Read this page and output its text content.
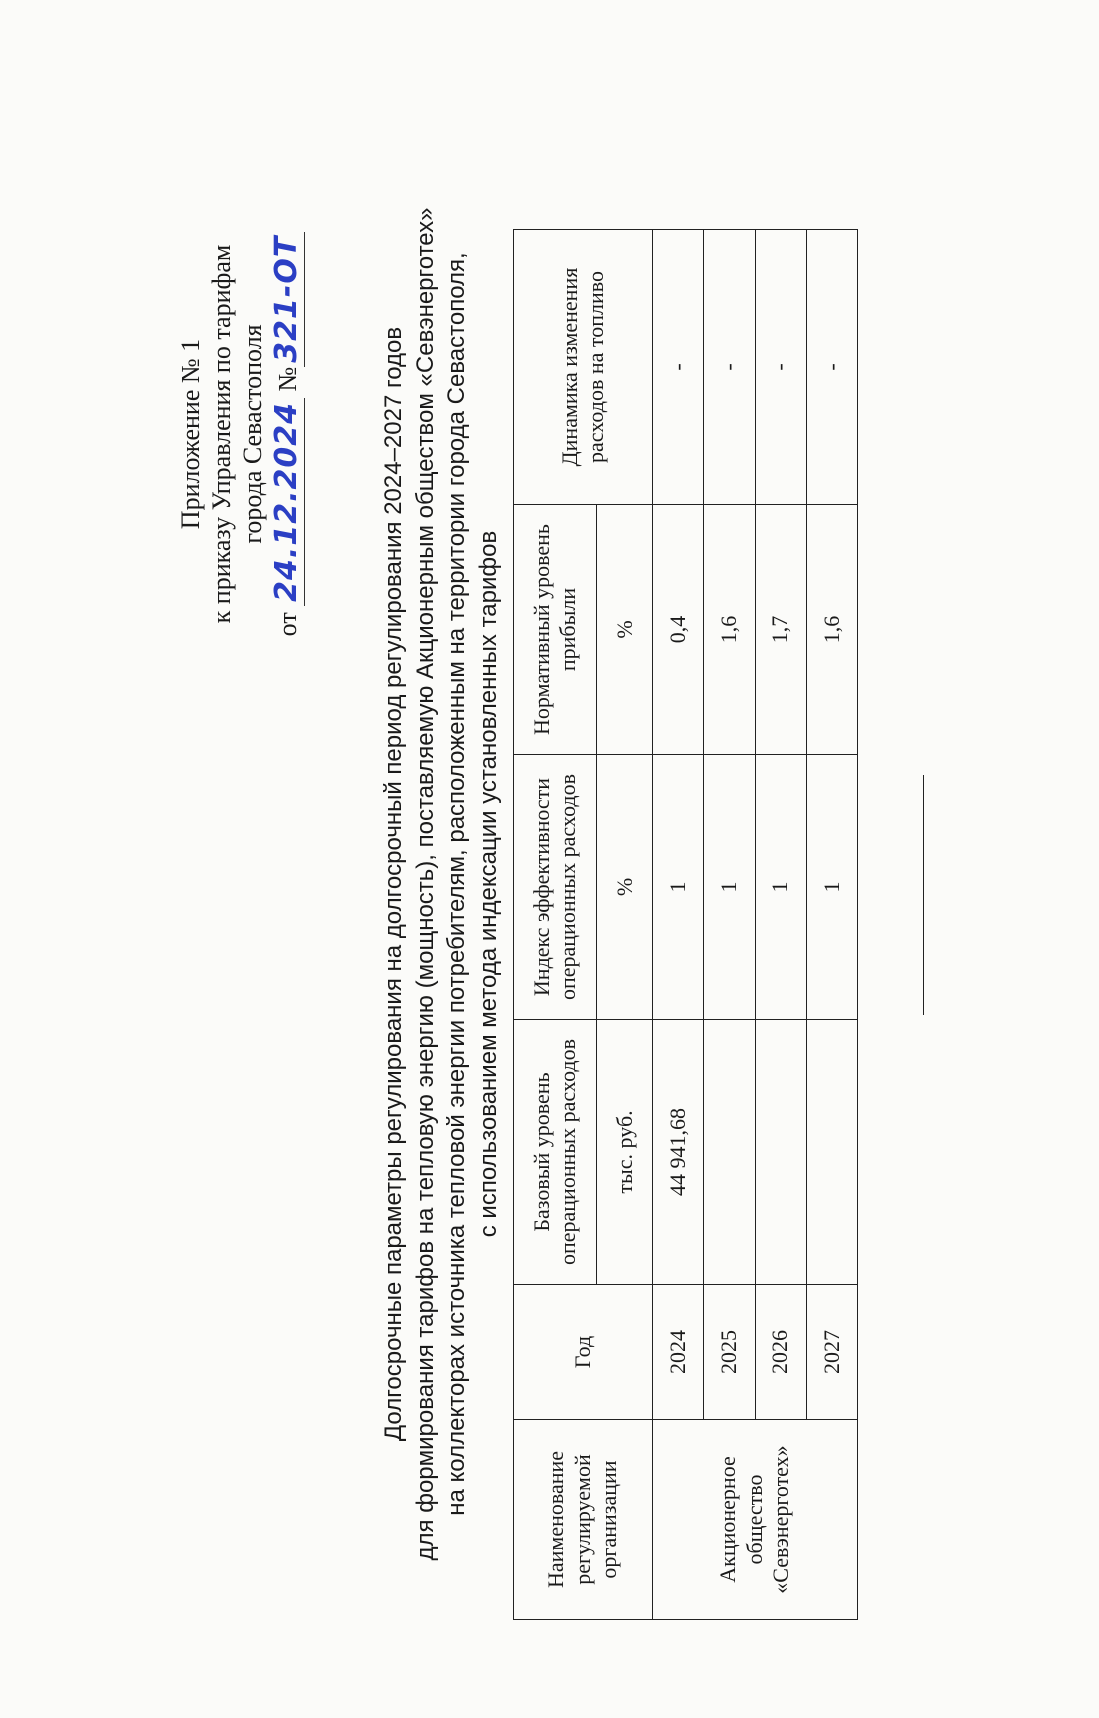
Приложение № 1 к приказу Управления по тарифам города Севастополя
от 24.12.2024 №321-ОТ
Долгосрочные параметры регулирования на долгосрочный период регулирования 2024–2027 годов для формирования тарифов на тепловую энергию (мощность), поставляемую Акционерным обществом «Севэнерготех» на коллекторах источника тепловой энергии потребителям, расположенным на территории города Севастополя, с использованием метода индексации установленных тарифов
Наименование регулируемой организации	Год	Базовый уровень операционных расходов	Индекс эффективности операционных расходов	Нормативный уровень прибыли	Динамика изменения расходов на топливо
		тыс. руб.	%	%	
Акционерное общество «Севэнерготех»	2024	44 941,68	1	0,4	-
	2025		1	1,6	-
	2026		1	1,7	-
	2027		1	1,6	-
